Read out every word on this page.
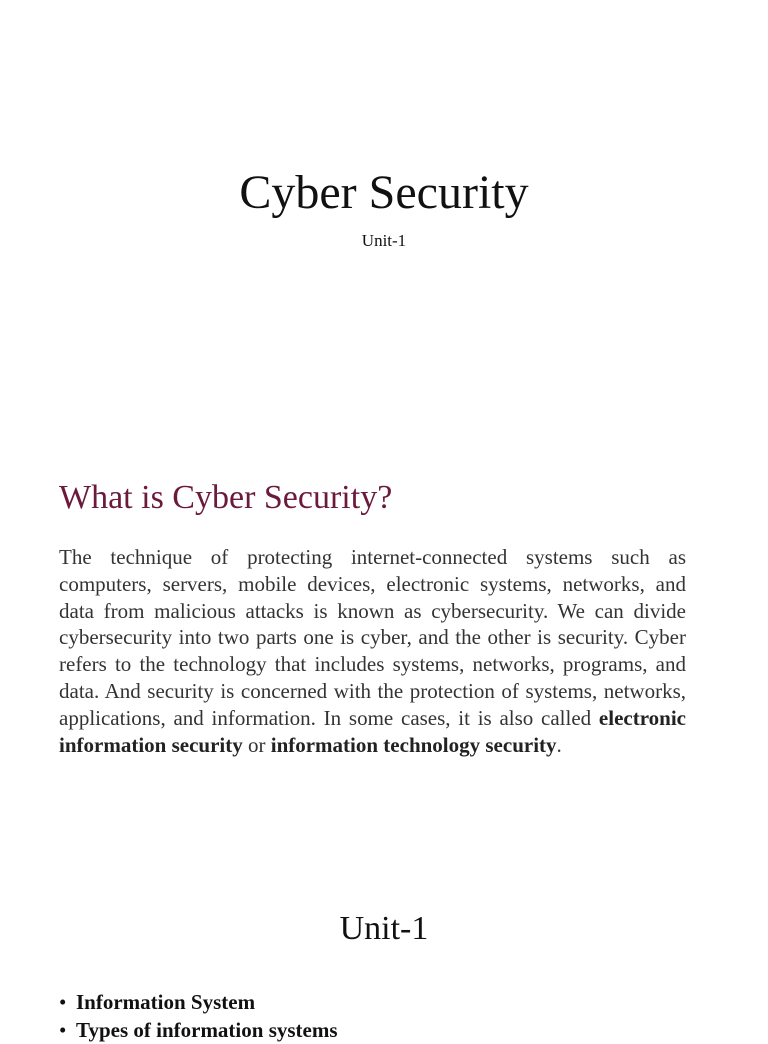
Cyber Security
Unit-1
What is Cyber Security?

The technique of protecting internet-connected systems such as computers, servers, mobile devices, electronic systems, networks, and data from malicious attacks is known as cybersecurity. We can divide cybersecurity into two parts one is cyber, and the other is security. Cyber refers to the technology that includes systems, networks, programs, and data. And security is concerned with the protection of systems, networks, applications, and information. In some cases, it is also called electronic information security or information technology security.

Unit-1
• Information System
• Types of information systems
